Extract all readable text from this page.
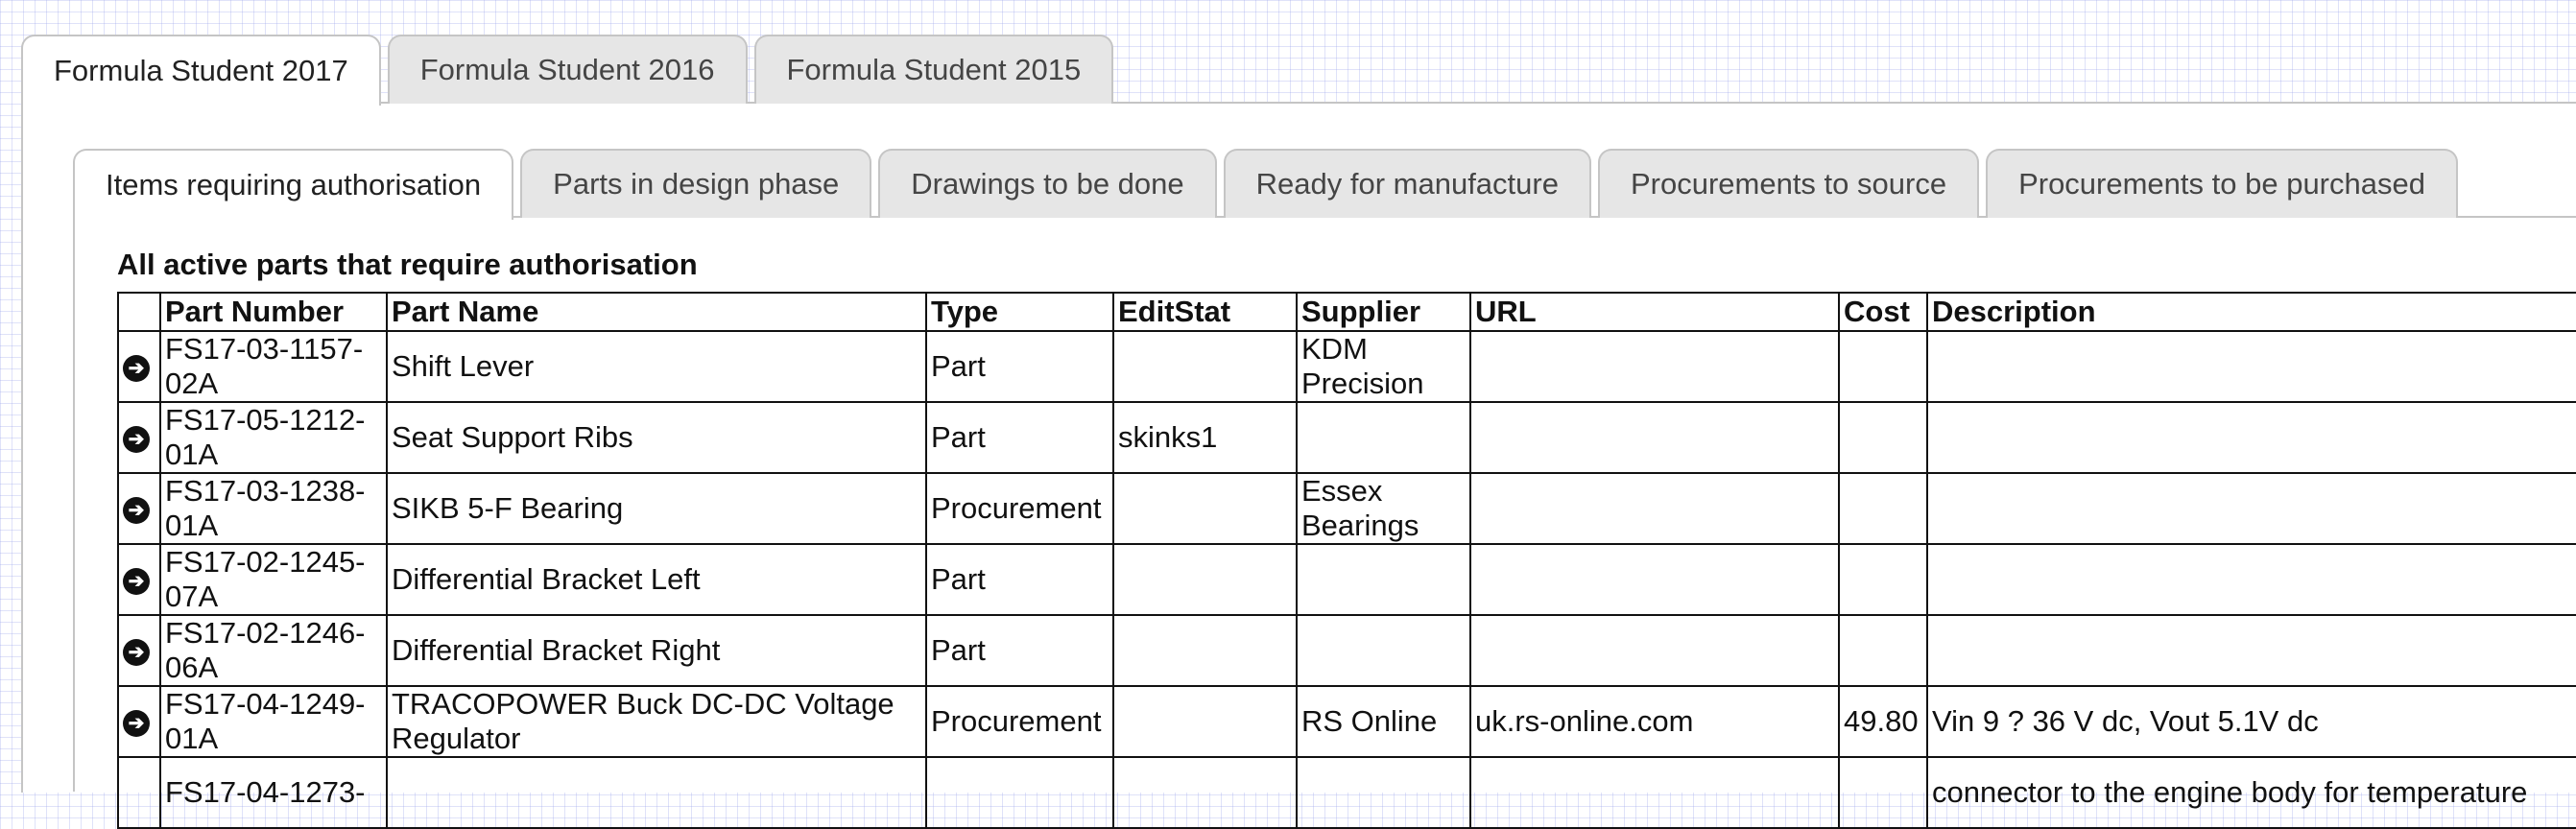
Formula Student 2017	Formula Student 2016	Formula Student 2015
Items requiring authorisation	Parts in design phase	Drawings to be done	Ready for manufacture	Procurements to source	Procurements to be purchased
All active parts that require authorisation
	Part Number	Part Name	Type	EditStat	Supplier	URL	Cost	Description
➔	FS17-03-1157-02A	Shift Lever	Part		KDM Precision			
➔	FS17-05-1212-01A	Seat Support Ribs	Part	skinks1				
➔	FS17-03-1238-01A	SIKB 5-F Bearing	Procurement		Essex Bearings			
➔	FS17-02-1245-07A	Differential Bracket Left	Part					
➔	FS17-02-1246-06A	Differential Bracket Right	Part					
➔	FS17-04-1249-01A	TRACOPOWER Buck DC-DC Voltage Regulator	Procurement		RS Online	uk.rs-online.com	49.80	Vin 9 ? 36 V dc, Vout 5.1V dc
	FS17-04-1273-							connector to the engine body for temperature
